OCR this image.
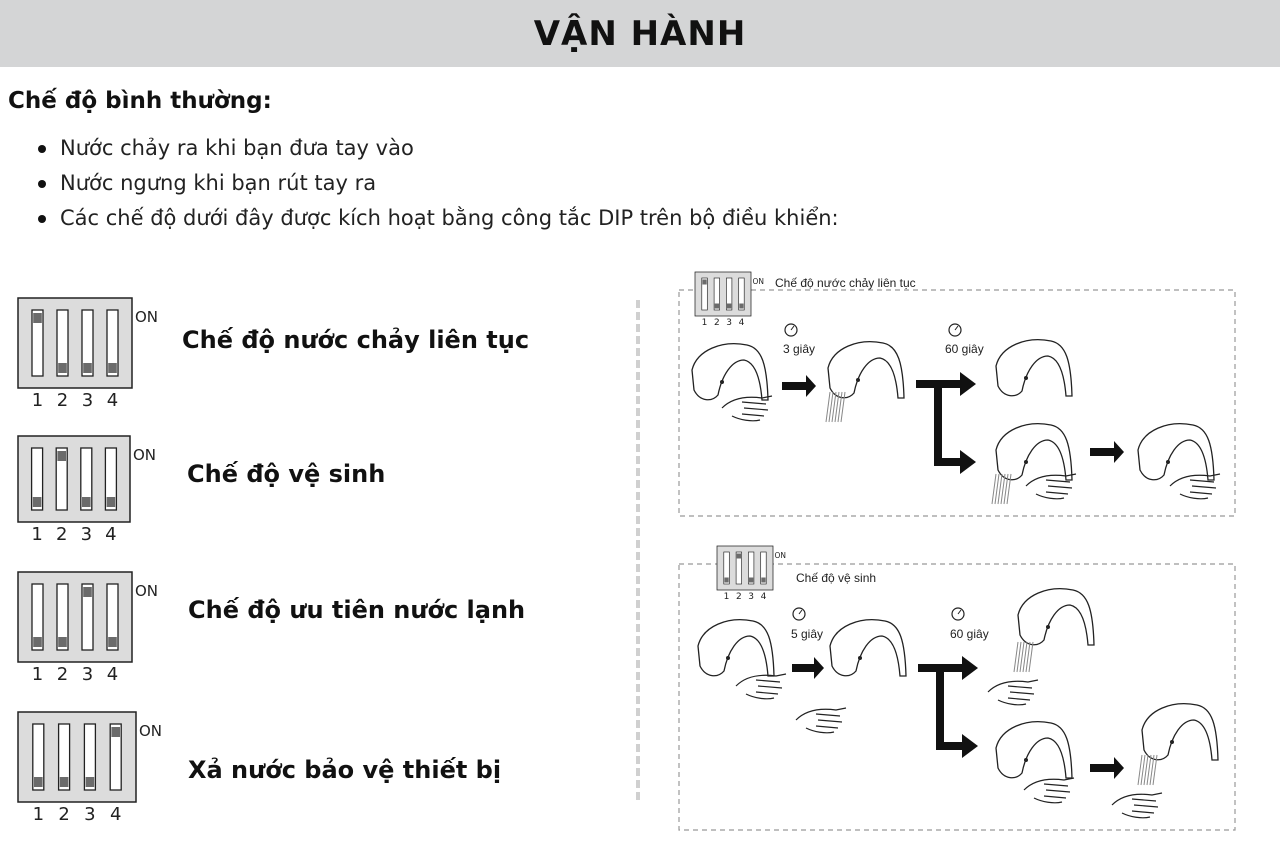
VẬN HÀNH
Chế độ bình thường:
Nước chảy ra khi bạn đưa tay vào
Nước ngưng khi bạn rút tay ra
Các chế độ dưới đây được kích hoạt bằng công tắc DIP trên bộ điều khiển:
1 2 3 4
ON
1 2 3 4
ON
1 2 3 4
ON
1 2 3 4
ON
1 2 3 4
ON
1 2 3 4
ON
Chế độ nước chảy liên tục
Chế độ vệ sinh
Chế độ ưu tiên nước lạnh
Xả nước bảo vệ thiết bị
Chế độ nước chảy liên tục
3 giây	60 giây
Chế độ vệ sinh
5 giây	60 giây
